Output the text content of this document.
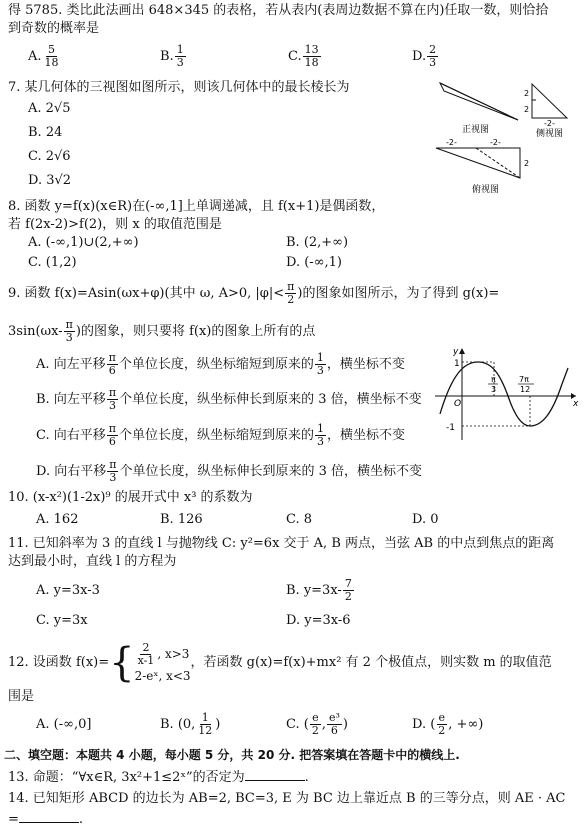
得 5785. 类比此法画出 648×345 的表格，若从表内(表周边数据不算在内)任取一数，则恰拾
到奇数的概率是
A. $\frac{5}{18}$	B. $\frac{1}{3}$	C. $\frac{13}{18}$	D. $\frac{2}{3}$
7. 某几何体的三视图如图所示，则该几何体中的最长棱长为
A. 2√5
B. 24
C. 2√6
D. 3√2
正视图
2
2
-2-
侧视图
-2-	-2-
2
俯视图
8. 函数 y=f(x)(x∈R)在(-∞,1]上单调递减，且 f(x+1)是偶函数，
若 f(2x-2)>f(2)，则 x 的取值范围是
A. (-∞,1)∪(2,+∞)	B. (2,+∞)
C. (1,2)	D. (-∞,1)
9. 函数 f(x)=Asin(ωx+φ)(其中 ω, A>0, $|\varphi|< \frac{\pi}{2}$ )的图象如图所示，为了得到 g(x)=
$3\sin(\omega x- \frac{\pi}{3}$ )的图象，则只要将 f(x)的图象上所有的点
A. 向左平移 $\frac{\pi}{6}$ 个单位长度，纵坐标缩短到原来的 $\frac{1}{3}$ ，横坐标不变
B. 向左平移 $\frac{\pi}{3}$ 个单位长度，纵坐标伸长到原来的 3 倍，横坐标不变
C. 向右平移 $\frac{\pi}{6}$ 个单位长度，纵坐标缩短到原来的 $\frac{1}{3}$ ，横坐标不变
D. 向右平移 $\frac{\pi}{3}$ 个单位长度，纵坐标伸长到原来的 3 倍，横坐标不变
y
x
O
1
-1
π
3
7π
12
10. (x-x²)(1-2x)⁹ 的展开式中 x³ 的系数为
A. 162	B. 126	C. 8	D. 0
11. 已知斜率为 3 的直线 l 与抛物线 C: y²=6x 交于 A, B 两点，当弦 AB 的中点到焦点的距离
达到最小时，直线 l 的方程为
A. y=3x-3	B. $y=3x- \frac{7}{2}$
C. y=3x	D. y=3x-6
12. 设函数 f(x)= { $\frac{2}{x-1}$ , x>3
2-eˣ, x<3
，若函数 g(x)=f(x)+mx² 有 2 个极值点，则实数 m 的取值范
围是
A. (-∞,0]	B. (0, $\frac{1}{12}$ )	C. ( $\frac{e}{2}$ , $\frac{\text{e³}}{6}$ )	D. ( $\frac{e}{2}$ , +∞)
二、填空题：本题共 4 小题，每小题 5 分，共 20 分. 把答案填在答题卡中的横线上.
13. 命题：“∀x∈R, 3x²+1≤2ˣ”的否定为	.
14. 已知矩形 ABCD 的边长为 AB=2, BC=3, E 为 BC 边上靠近点 B 的三等分点，则 AE · AC
=	.
